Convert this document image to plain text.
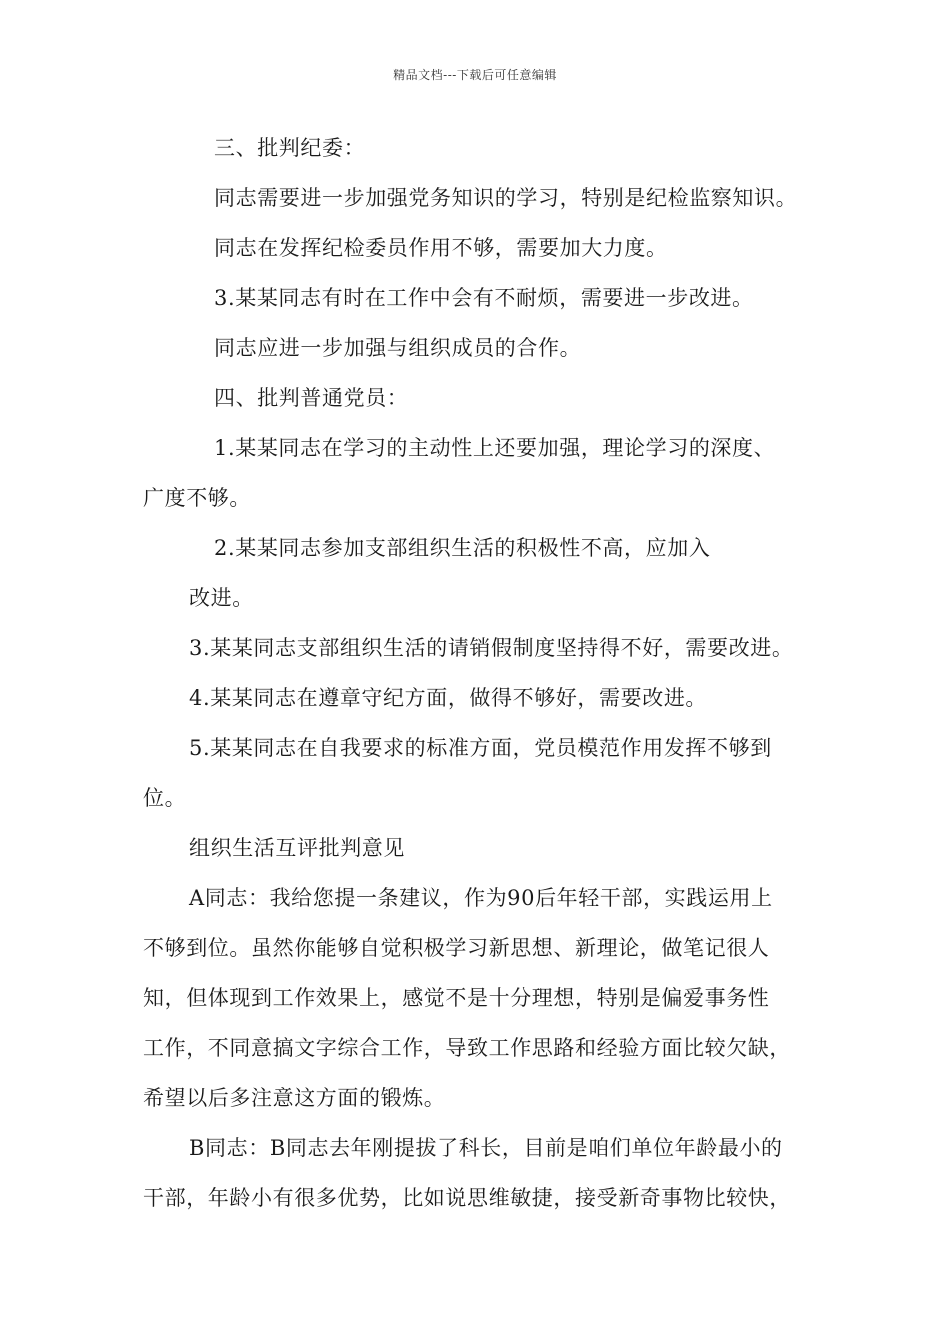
精品文档---下载后可任意编辑
三、批判纪委：
同志需要进一步加强党务知识的学习，特别是纪检监察知识。
同志在发挥纪检委员作用不够，需要加大力度。
3.某某同志有时在工作中会有不耐烦，需要进一步改进。
同志应进一步加强与组织成员的合作。
四、批判普通党员：
1.某某同志在学习的主动性上还要加强，理论学习的深度、
广度不够。
2.某某同志参加支部组织生活的积极性不高，应加入
改进。
3.某某同志支部组织生活的请销假制度坚持得不好，需要改进。
4.某某同志在遵章守纪方面，做得不够好，需要改进。
5.某某同志在自我要求的标准方面，党员模范作用发挥不够到
位。
组织生活互评批判意见
A同志：我给您提一条建议，作为90后年轻干部，实践运用上
不够到位。虽然你能够自觉积极学习新思想、新理论，做笔记很人
知，但体现到工作效果上，感觉不是十分理想，特别是偏爱事务性
工作，不同意搞文字综合工作，导致工作思路和经验方面比较欠缺，
希望以后多注意这方面的锻炼。
B同志：B同志去年刚提拔了科长，目前是咱们单位年龄最小的
干部，年龄小有很多优势，比如说思维敏捷，接受新奇事物比较快，
